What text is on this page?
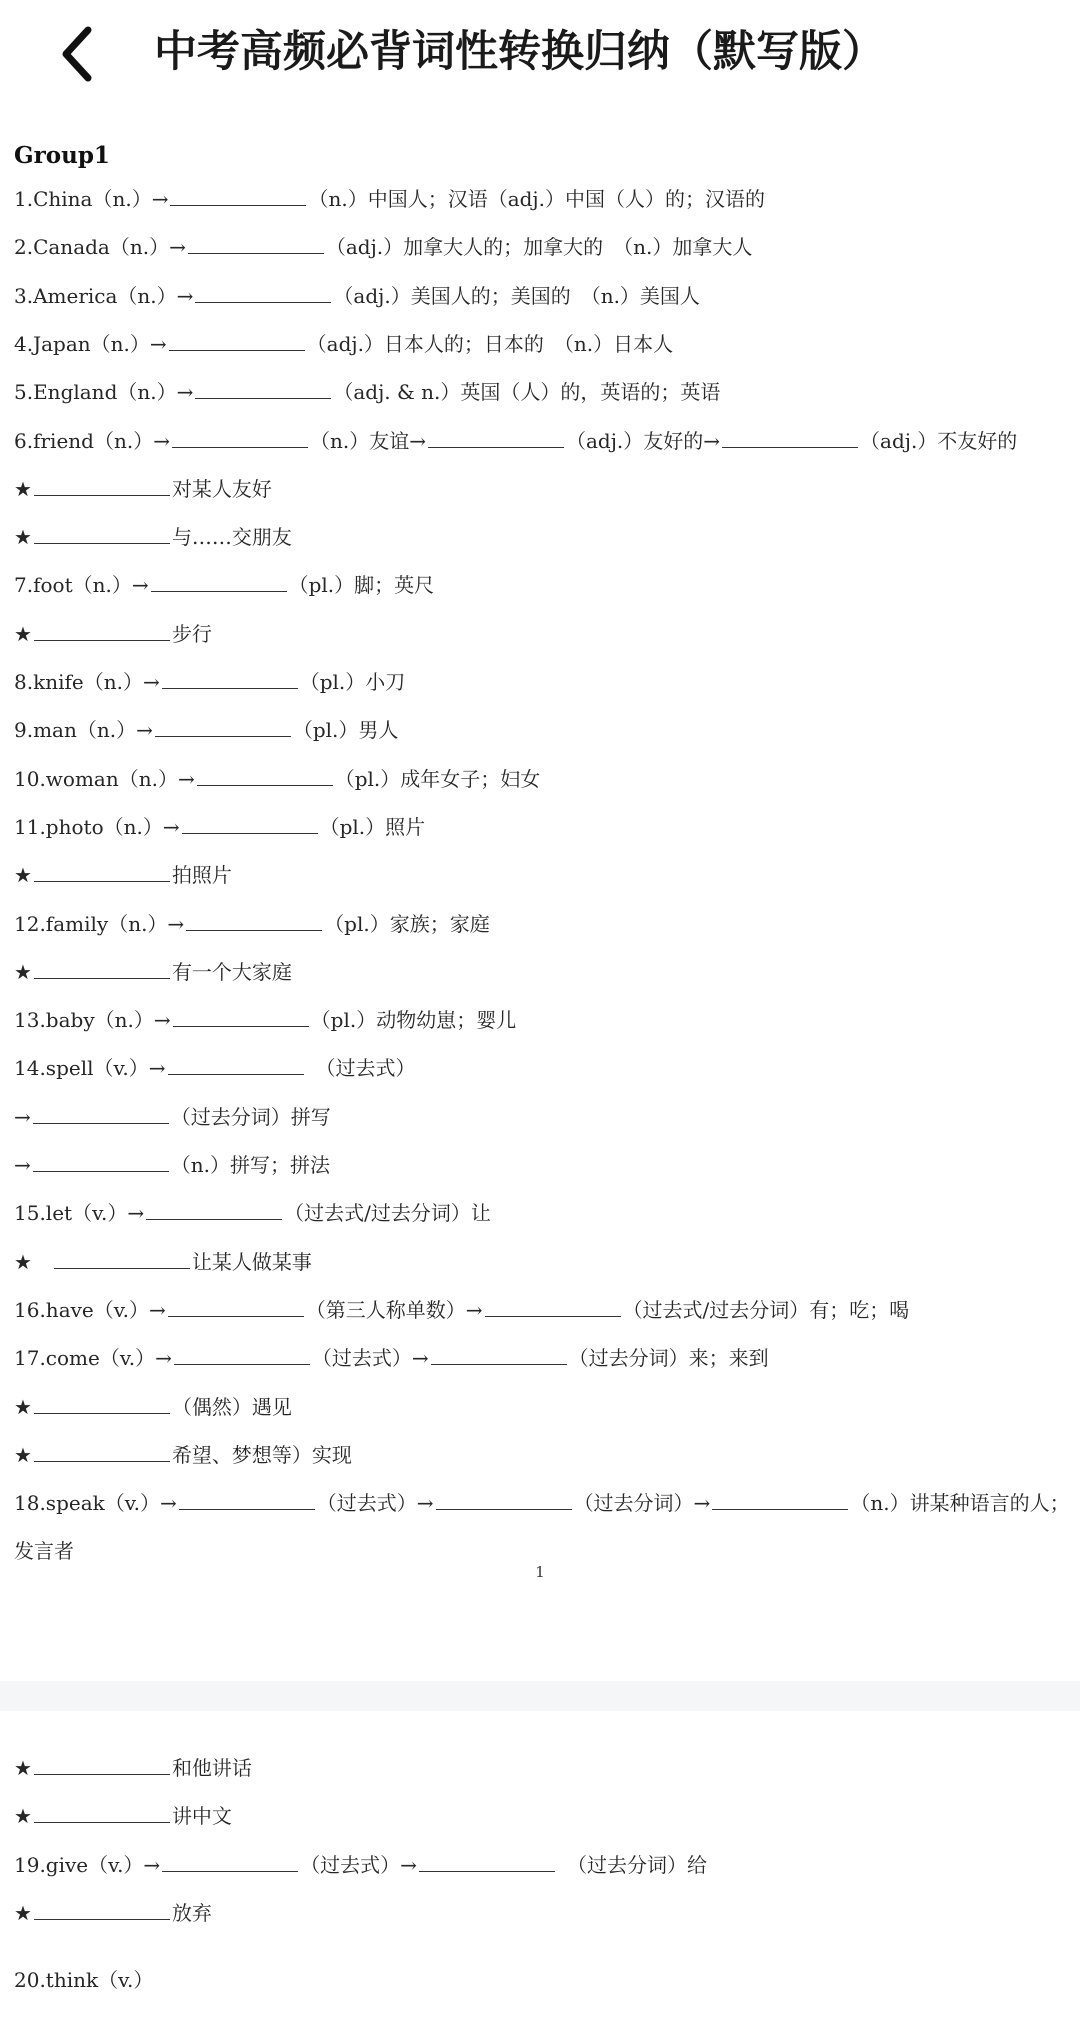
中考高频必背词性转换归纳（默写版）
Group1
1.China（n.）→	（n.）中国人；汉语（adj.）中国（人）的；汉语的
2.Canada（n.）→	（adj.）加拿大人的；加拿大的　（n.）加拿大人
3.America（n.）→	（adj.）美国人的；美国的　（n.）美国人
4.Japan（n.）→	（adj.）日本人的；日本的　（n.）日本人
5.England（n.）→	（adj. & n.）英国（人）的，英语的；英语
6.friend（n.）→	（n.）友谊→	（adj.）友好的→	（adj.）不友好的
★	对某人友好
★	与……交朋友
7.foot（n.）→	（pl.）脚；英尺
★	步行
8.knife（n.）→	（pl.）小刀
9.man（n.）→	（pl.）男人
10.woman（n.）→	（pl.）成年女子；妇女
11.photo（n.）→	（pl.）照片
★	拍照片
12.family（n.）→	（pl.）家族；家庭
★	有一个大家庭
13.baby（n.）→	（pl.）动物幼崽；婴儿
14.spell（v.）→	　（过去式）
→	（过去分词）拼写
→	（n.）拼写；拼法
15.let（v.）→	（过去式/过去分词）让
★　	让某人做某事
16.have（v.）→	（第三人称单数）→	（过去式/过去分词）有；吃；喝
17.come（v.）→	（过去式）→	（过去分词）来；来到
★	（偶然）遇见
★	希望、梦想等）实现
18.speak（v.）→	（过去式）→	（过去分词）→	（n.）讲某种语言的人；
发言者
1
★	和他讲话
★	讲中文
19.give（v.）→	（过去式）→	　（过去分词）给
★	放弃
20.think（v.）
